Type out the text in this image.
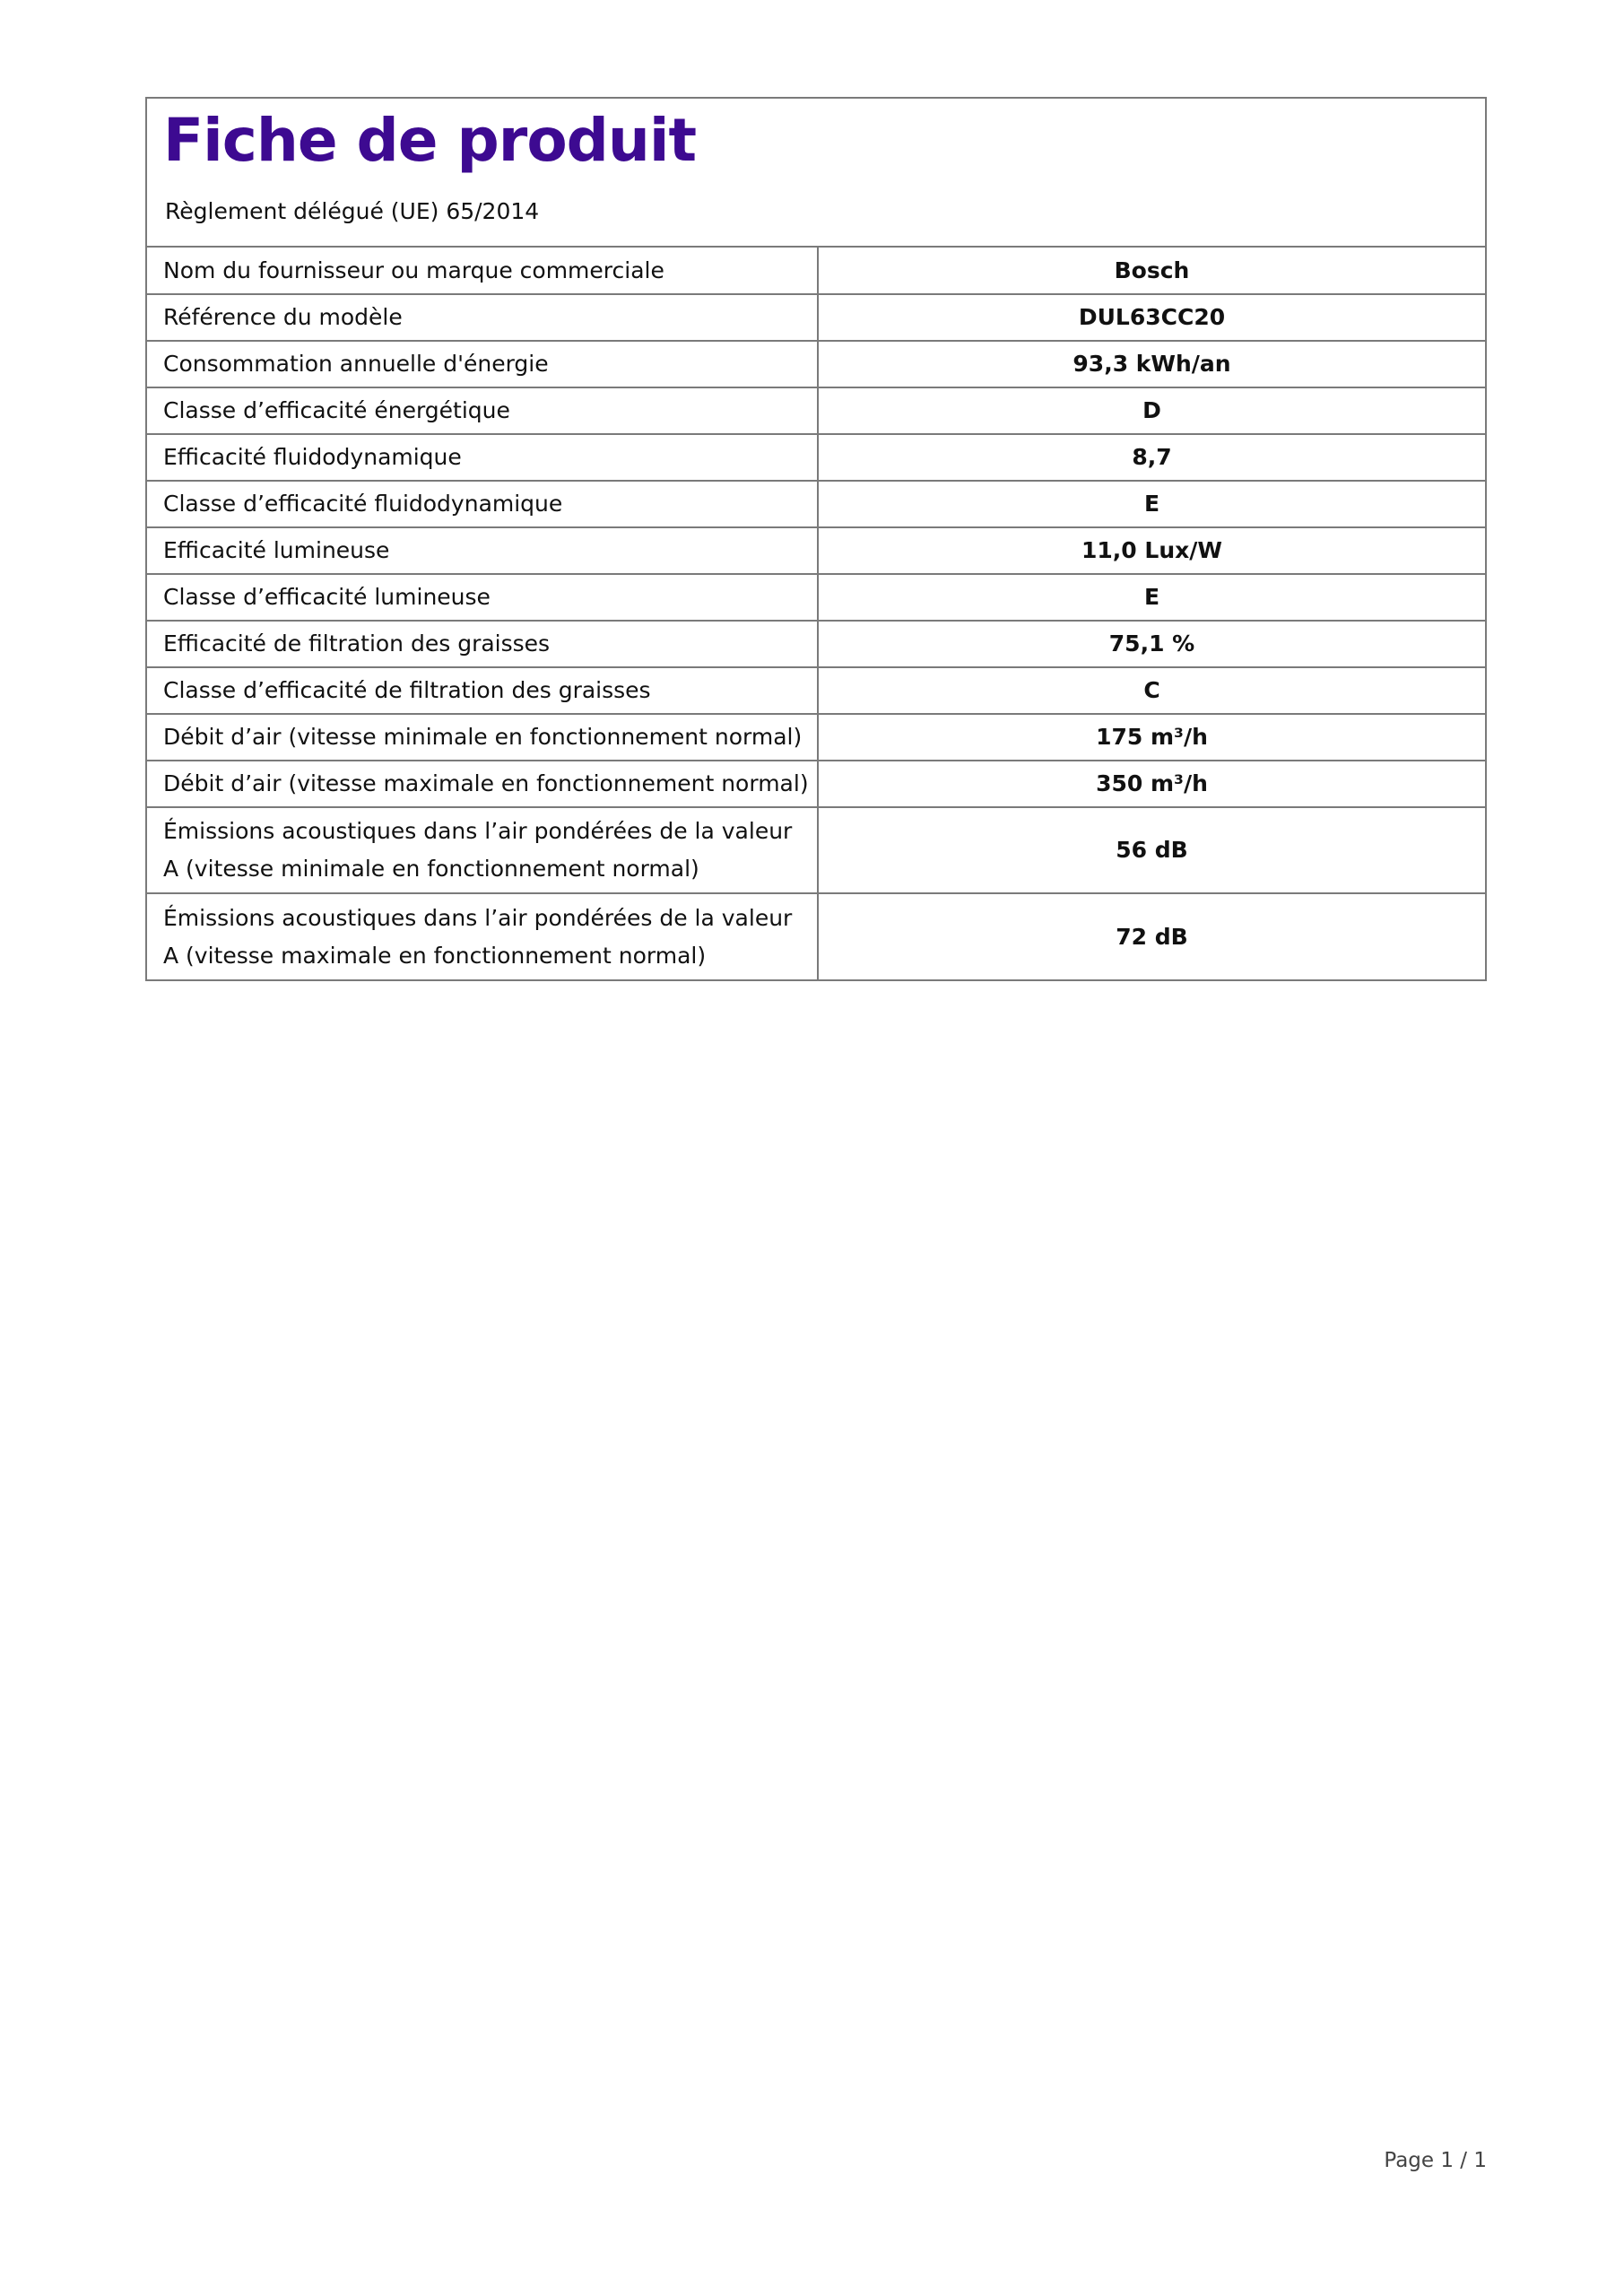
Fiche de produit

Règlement délégué (UE) 65/2014

Nom du fournisseur ou marque commerciale	Bosch
Référence du modèle	DUL63CC20
Consommation annuelle d'énergie	93,3 kWh/an
Classe d’efficacité énergétique	D
Efficacité fluidodynamique	8,7
Classe d’efficacité fluidodynamique	E
Efficacité lumineuse	11,0 Lux/W
Classe d’efficacité lumineuse	E
Efficacité de filtration des graisses	75,1 %
Classe d’efficacité de filtration des graisses	C
Débit d’air (vitesse minimale en fonctionnement normal)	175 m³/h
Débit d’air (vitesse maximale en fonctionnement normal)	350 m³/h
Émissions acoustiques dans l’air pondérées de la valeur A (vitesse minimale en fonctionnement normal)	56 dB
Émissions acoustiques dans l’air pondérées de la valeur A (vitesse maximale en fonctionnement normal)	72 dB
Page 1 / 1
